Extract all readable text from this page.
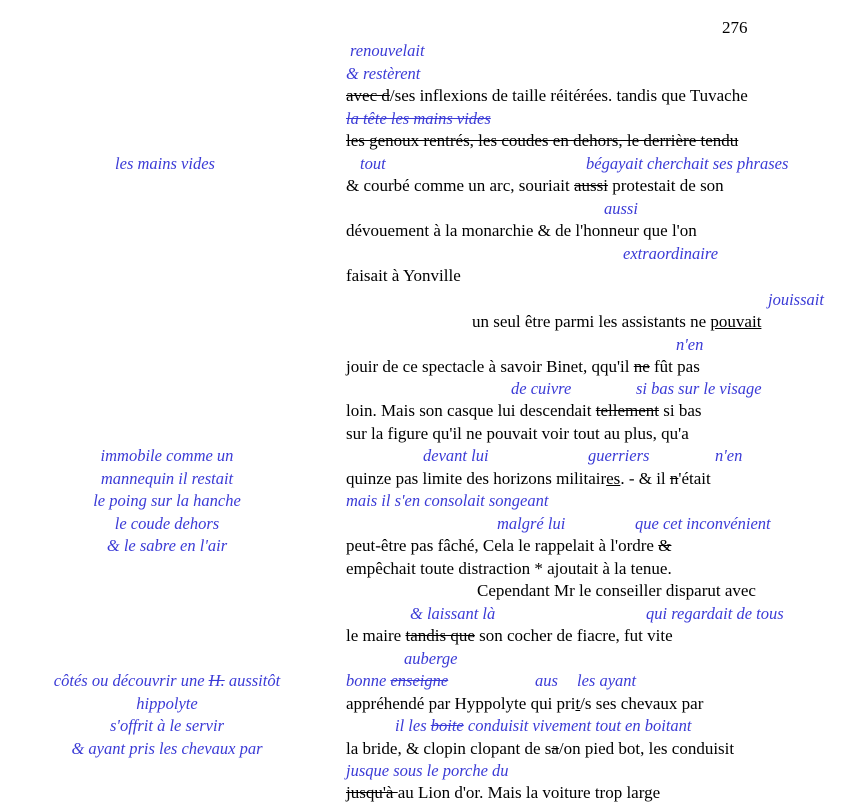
276
les mains vides
immobile comme un
mannequin il restait
le poing sur la hanche
le coude dehors
& le sabre en l'air
côtés ou découvrir une H. aussitôt
hippolyte
s'offrit à le servir
& ayant pris les chevaux par
renouvelait
& restèrent
avec d/ses inflexions de taille réitérées. tandis que Tuvache
la tête les mains vides
les genoux rentrés, les coudes en dehors, le derrière tendu
tout	bégayait cherchait ses phrases
& courbé comme un arc, souriait aussi protestait de son
aussi
dévouement à la monarchie & de l'honneur que l'on
extraordinaire
faisait à Yonville
jouissait
un seul être parmi les assistants ne pouvait
n'en
jouir de ce spectacle à savoir Binet, qqu'il ne fût pas
de cuivre	si bas sur le visage
loin. Mais son casque lui descendait tellement si bas
sur la figure qu'il ne pouvait voir tout au plus, qu'a
devant lui	guerriers	n'en
quinze pas limite des horizons militaires. - & il n'était
mais il s'en consolait songeant
malgré lui	que cet inconvénient
peut-être pas fâché, Cela le rappelait à l'ordre &
empêchait toute distraction * ajoutait à la tenue.
Cependant Mr le conseiller disparut avec
& laissant là	qui regardait de tous
le maire tandis que son cocher de fiacre, fut vite
auberge
bonne enseigne	aus les ayant
appréhendé par Hyppolyte qui prit/s ses chevaux par
il les boite conduisit vivement tout en boitant
la bride, & clopin clopant de sa/on pied bot, les conduisit
jusque sous le porche du
jusqu'à au Lion d'or. Mais la voiture trop large
